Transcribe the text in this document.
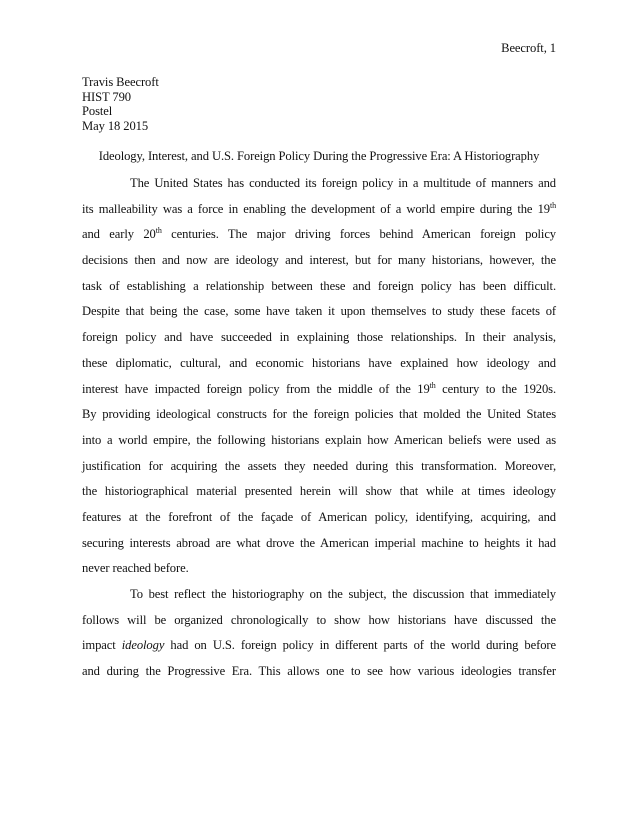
Beecroft, 1
Travis Beecroft
HIST 790
Postel
May 18 2015
Ideology, Interest, and U.S. Foreign Policy During the Progressive Era: A Historiography
The United States has conducted its foreign policy in a multitude of manners and
its malleability was a force in enabling the development of a world empire during the 19th
and early 20th centuries. The major driving forces behind American foreign policy
decisions then and now are ideology and interest, but for many historians, however, the
task of establishing a relationship between these and foreign policy has been difficult.
Despite that being the case, some have taken it upon themselves to study these facets of
foreign policy and have succeeded in explaining those relationships. In their analysis,
these diplomatic, cultural, and economic historians have explained how ideology and
interest have impacted foreign policy from the middle of the 19th century to the 1920s.
By providing ideological constructs for the foreign policies that molded the United States
into a world empire, the following historians explain how American beliefs were used as
justification for acquiring the assets they needed during this transformation. Moreover,
the historiographical material presented herein will show that while at times ideology
features at the forefront of the façade of American policy, identifying, acquiring, and
securing interests abroad are what drove the American imperial machine to heights it had
never reached before.
To best reflect the historiography on the subject, the discussion that immediately
follows will be organized chronologically to show how historians have discussed the
impact ideology had on U.S. foreign policy in different parts of the world during before
and during the Progressive Era. This allows one to see how various ideologies transfer
